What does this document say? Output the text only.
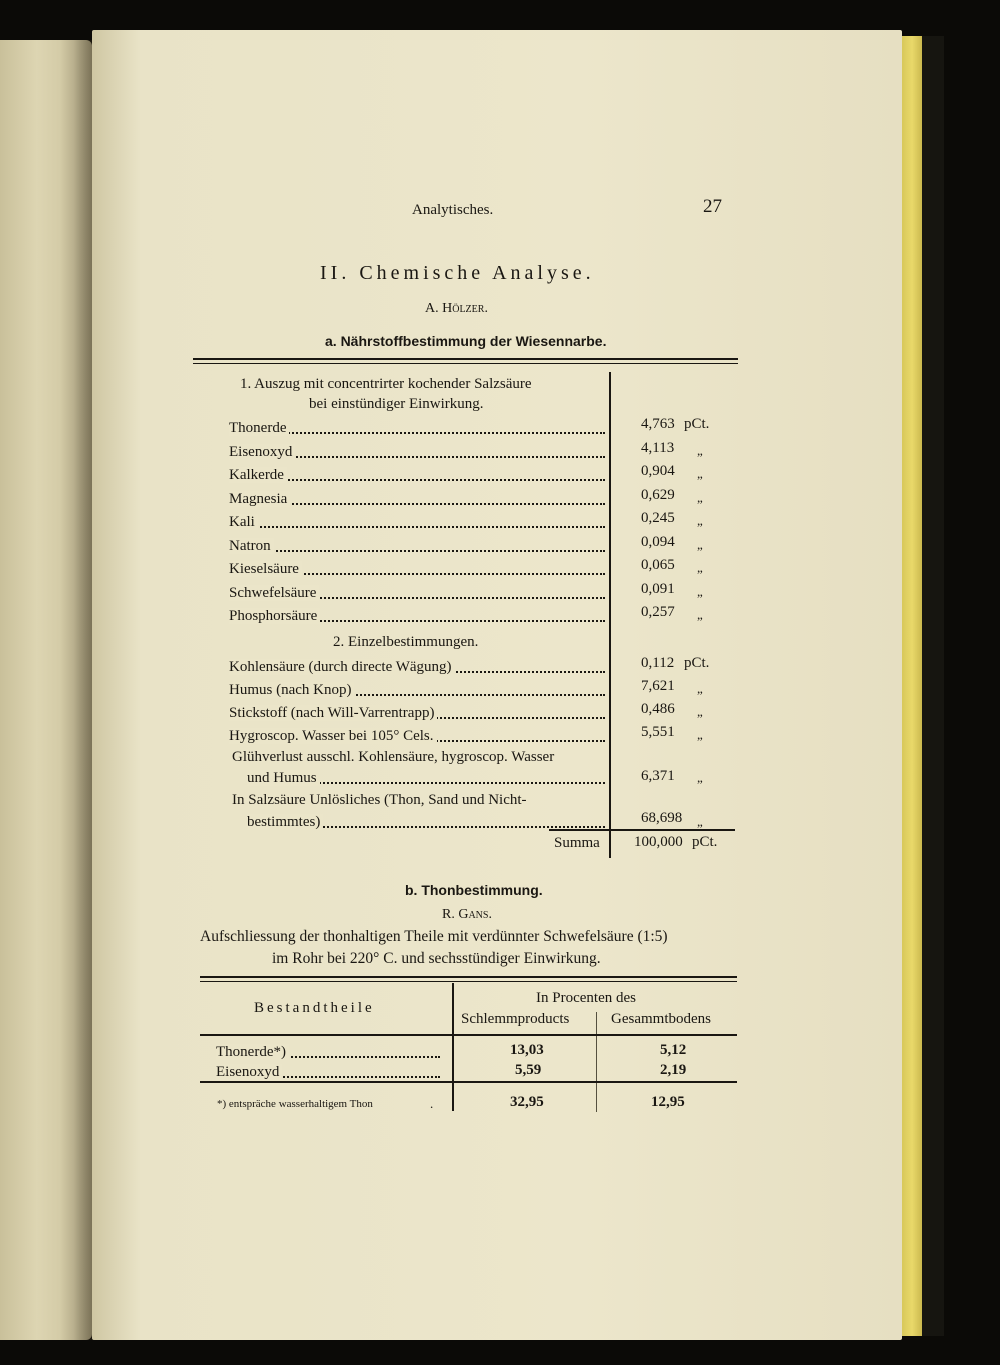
Analytisches.	27
II. Chemische Analyse.
A. Hölzer.
a. Nährstoffbestimmung der Wiesennarbe.
1. Auszug mit concentrirter kochender Salzsäure
bei einstündiger Einwirkung.
Thonerde	4,763 pCt.
Eisenoxyd	4,113 „
Kalkerde	0,904 „
Magnesia	0,629 „
Kali	0,245 „
Natron	0,094 „
Kieselsäure	0,065 „
Schwefelsäure	0,091 „
Phosphorsäure	0,257 „
2. Einzelbestimmungen.
Kohlensäure (durch directe Wägung)	0,112 pCt.
Humus (nach Knop)	7,621 „
Stickstoff (nach Will-Varrentrapp)	0,486 „
Hygroscop. Wasser bei 105° Cels.	5,551 „
Glühverlust ausschl. Kohlensäure, hygroscop. Wasser
und Humus	6,371 „
In Salzsäure Unlösliches (Thon, Sand und Nicht-
bestimmtes)	68,698 „
Summa 100,000 pCt.
b. Thonbestimmung.
R. Gans.
Aufschliessung der thonhaltigen Theile mit verdünnter Schwefelsäure (1:5)
im Rohr bei 220° C. und sechsstündiger Einwirkung.
Bestandtheile
In Procenten des
Schlemmproducts	Gesammtbodens
Thonerde*)	13,03	5,12
Eisenoxyd	5,59	2,19
*) entspräche wasserhaltigem Thon	.	32,95	12,95
